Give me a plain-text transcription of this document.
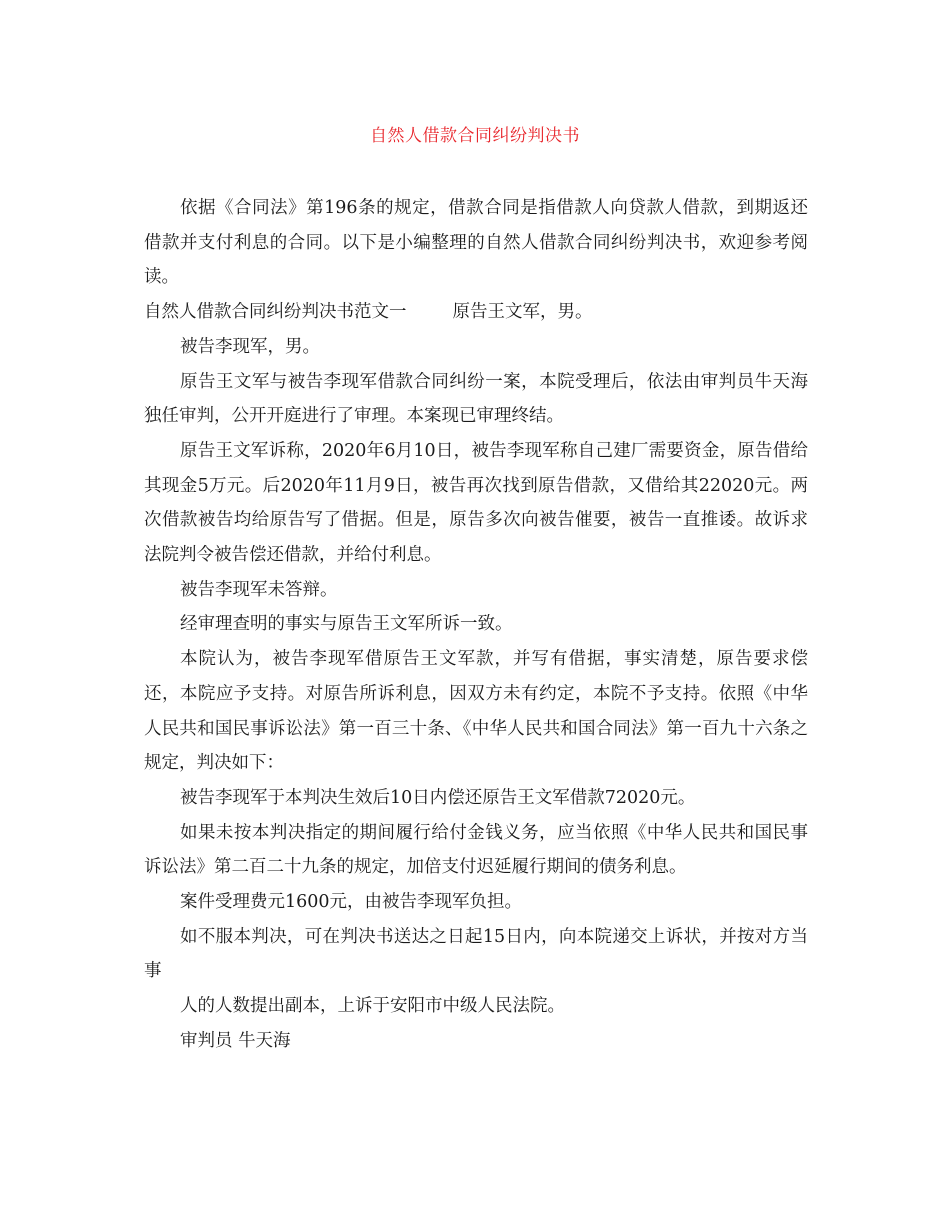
自然人借款合同纠纷判决书

依据《合同法》第196条的规定，借款合同是指借款人向贷款人借款，到期返还借款并支付利息的合同。以下是小编整理的自然人借款合同纠纷判决书，欢迎参考阅读。

自然人借款合同纠纷判决书范文一	原告王文军，男。

被告李现军，男。

原告王文军与被告李现军借款合同纠纷一案，本院受理后，依法由审判员牛天海独任审判，公开开庭进行了审理。本案现已审理终结。

原告王文军诉称，2020年6月10日，被告李现军称自己建厂需要资金，原告借给其现金5万元。后2020年11月9日，被告再次找到原告借款，又借给其22020元。两次借款被告均给原告写了借据。但是，原告多次向被告催要，被告一直推诿。故诉求法院判令被告偿还借款，并给付利息。

被告李现军未答辩。

经审理查明的事实与原告王文军所诉一致。

本院认为，被告李现军借原告王文军款，并写有借据，事实清楚，原告要求偿还，本院应予支持。对原告所诉利息，因双方未有约定，本院不予支持。依照《中华人民共和国民事诉讼法》第一百三十条、《中华人民共和国合同法》第一百九十六条之规定，判决如下：

被告李现军于本判决生效后10日内偿还原告王文军借款72020元。

如果未按本判决指定的期间履行给付金钱义务，应当依照《中华人民共和国民事诉讼法》第二百二十九条的规定，加倍支付迟延履行期间的债务利息。

案件受理费元1600元，由被告李现军负担。

如不服本判决，可在判决书送达之日起15日内，向本院递交上诉状，并按对方当事

人的人数提出副本，上诉于安阳市中级人民法院。

审判员 牛天海
